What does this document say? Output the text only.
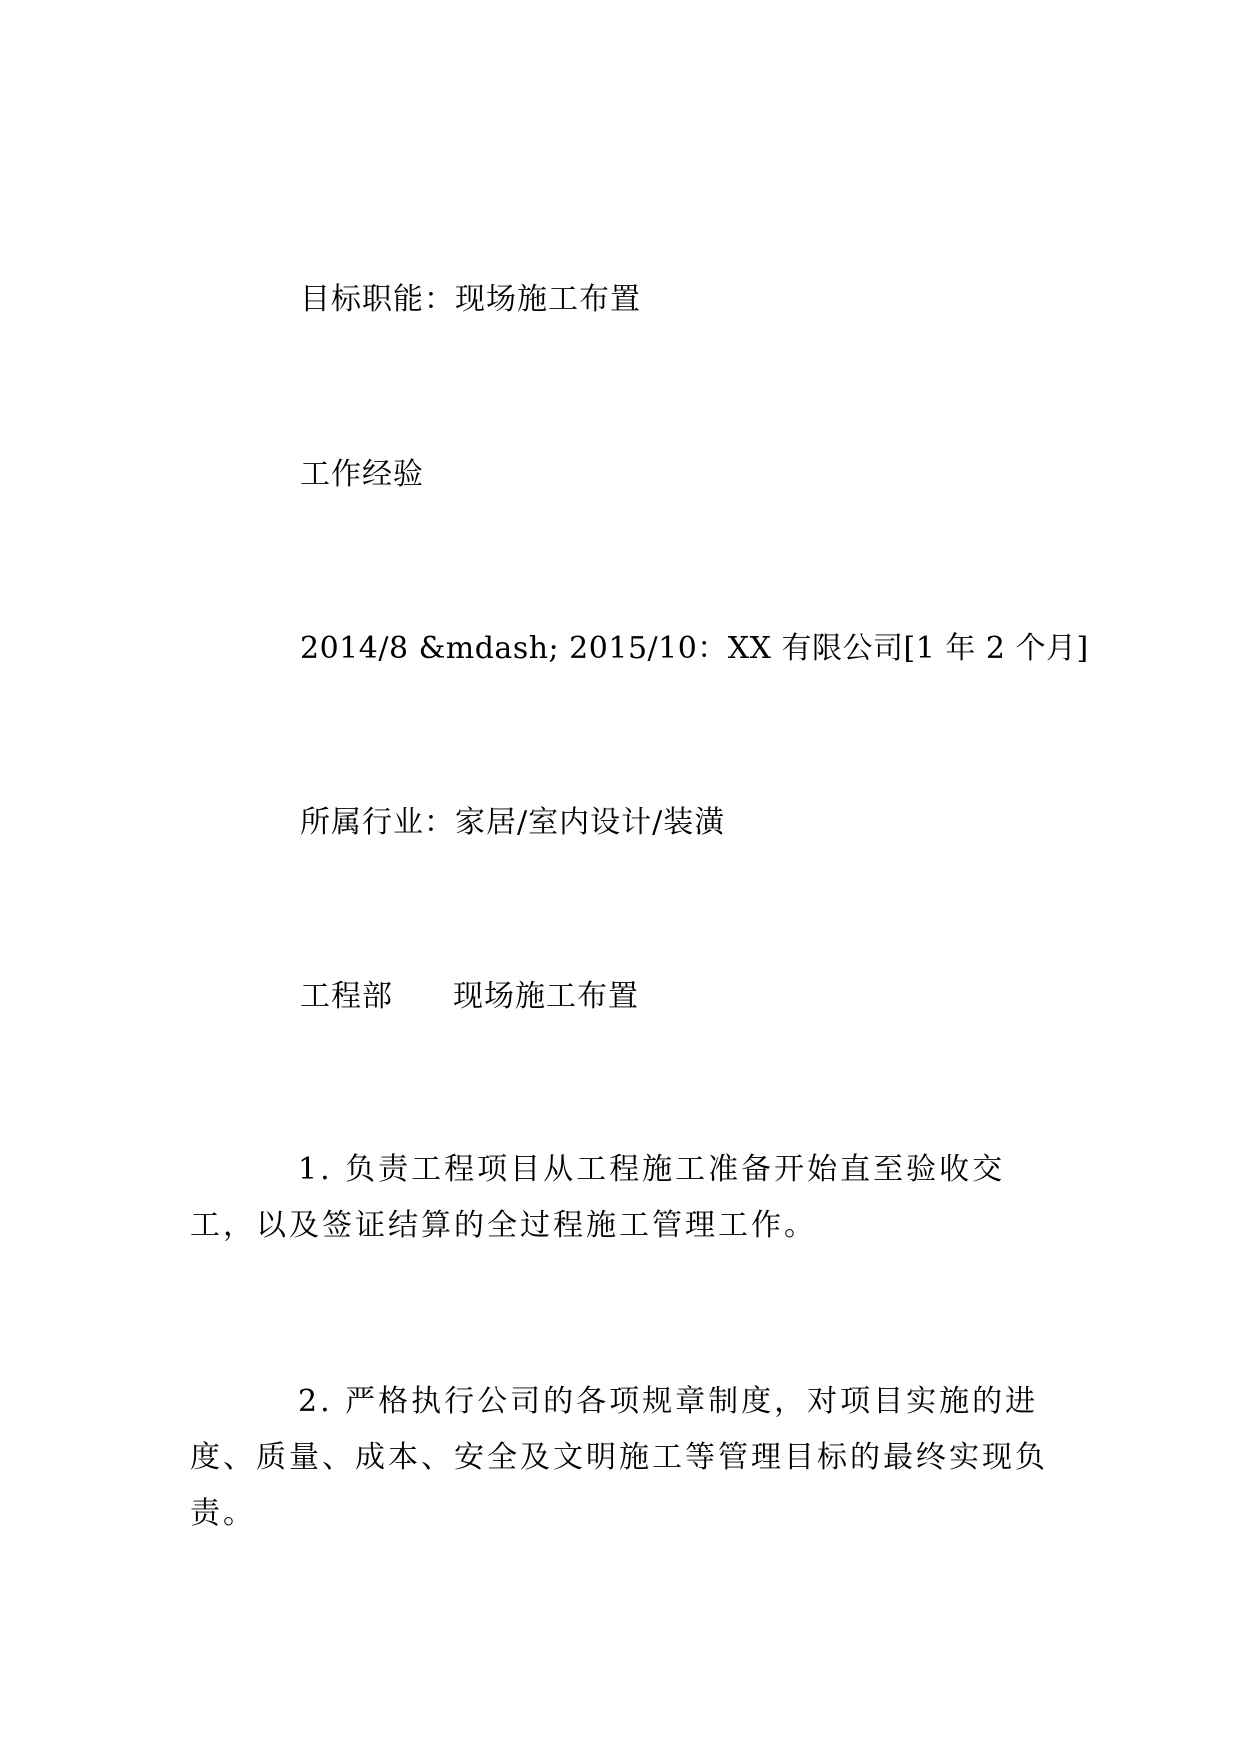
目标职能：现场施工布置
工作经验
2014/8 &mdash; 2015/10：XX 有限公司[1 年 2 个月]
所属行业：家居/室内设计/装潢
工程部 现场施工布置
1. 负责工程项目从工程施工准备开始直至验收交工，以及签证结算的全过程施工管理工作。
2. 严格执行公司的各项规章制度，对项目实施的进度、质量、成本、安全及文明施工等管理目标的最终实现负责。
